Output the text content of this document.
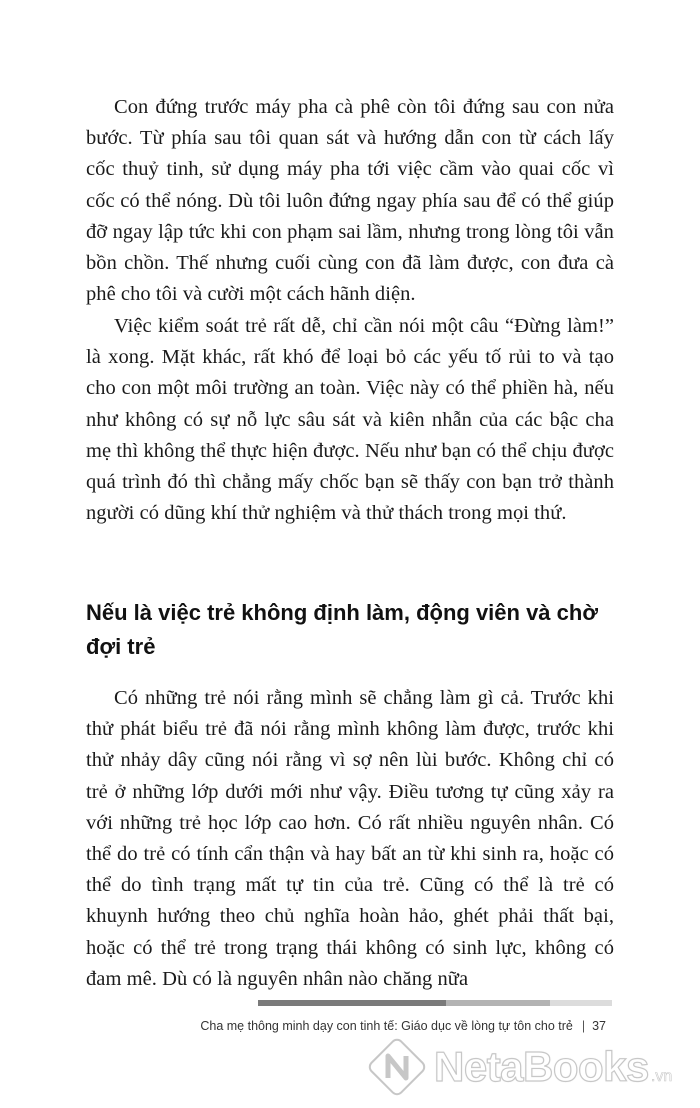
Con đứng trước máy pha cà phê còn tôi đứng sau con nửa bước. Từ phía sau tôi quan sát và hướng dẫn con từ cách lấy cốc thuỷ tinh, sử dụng máy pha tới việc cầm vào quai cốc vì cốc có thể nóng. Dù tôi luôn đứng ngay phía sau để có thể giúp đỡ ngay lập tức khi con phạm sai lầm, nhưng trong lòng tôi vẫn bồn chồn. Thế nhưng cuối cùng con đã làm được, con đưa cà phê cho tôi và cười một cách hãnh diện.

Việc kiểm soát trẻ rất dễ, chỉ cần nói một câu “Đừng làm!” là xong. Mặt khác, rất khó để loại bỏ các yếu tố rủi to và tạo cho con một môi trường an toàn. Việc này có thể phiền hà, nếu như không có sự nỗ lực sâu sát và kiên nhẫn của các bậc cha mẹ thì không thể thực hiện được. Nếu như bạn có thể chịu được quá trình đó thì chẳng mấy chốc bạn sẽ thấy con bạn trở thành người có dũng khí thử nghiệm và thử thách trong mọi thứ.

Nếu là việc trẻ không định làm, động viên và chờ đợi trẻ

Có những trẻ nói rằng mình sẽ chẳng làm gì cả. Trước khi thử phát biểu trẻ đã nói rằng mình không làm được, trước khi thử nhảy dây cũng nói rằng vì sợ nên lùi bước. Không chỉ có trẻ ở những lớp dưới mới như vậy. Điều tương tự cũng xảy ra với những trẻ học lớp cao hơn. Có rất nhiều nguyên nhân. Có thể do trẻ có tính cẩn thận và hay bất an từ khi sinh ra, hoặc có thể do tình trạng mất tự tin của trẻ. Cũng có thể là trẻ có khuynh hướng theo chủ nghĩa hoàn hảo, ghét phải thất bại, hoặc có thể trẻ trong trạng thái không có sinh lực, không có đam mê. Dù có là nguyên nhân nào chăng nữa

Cha mẹ thông minh dạy con tinh tế: Giáo dục về lòng tự tôn cho trẻ | 37
NetaBooks .vn
